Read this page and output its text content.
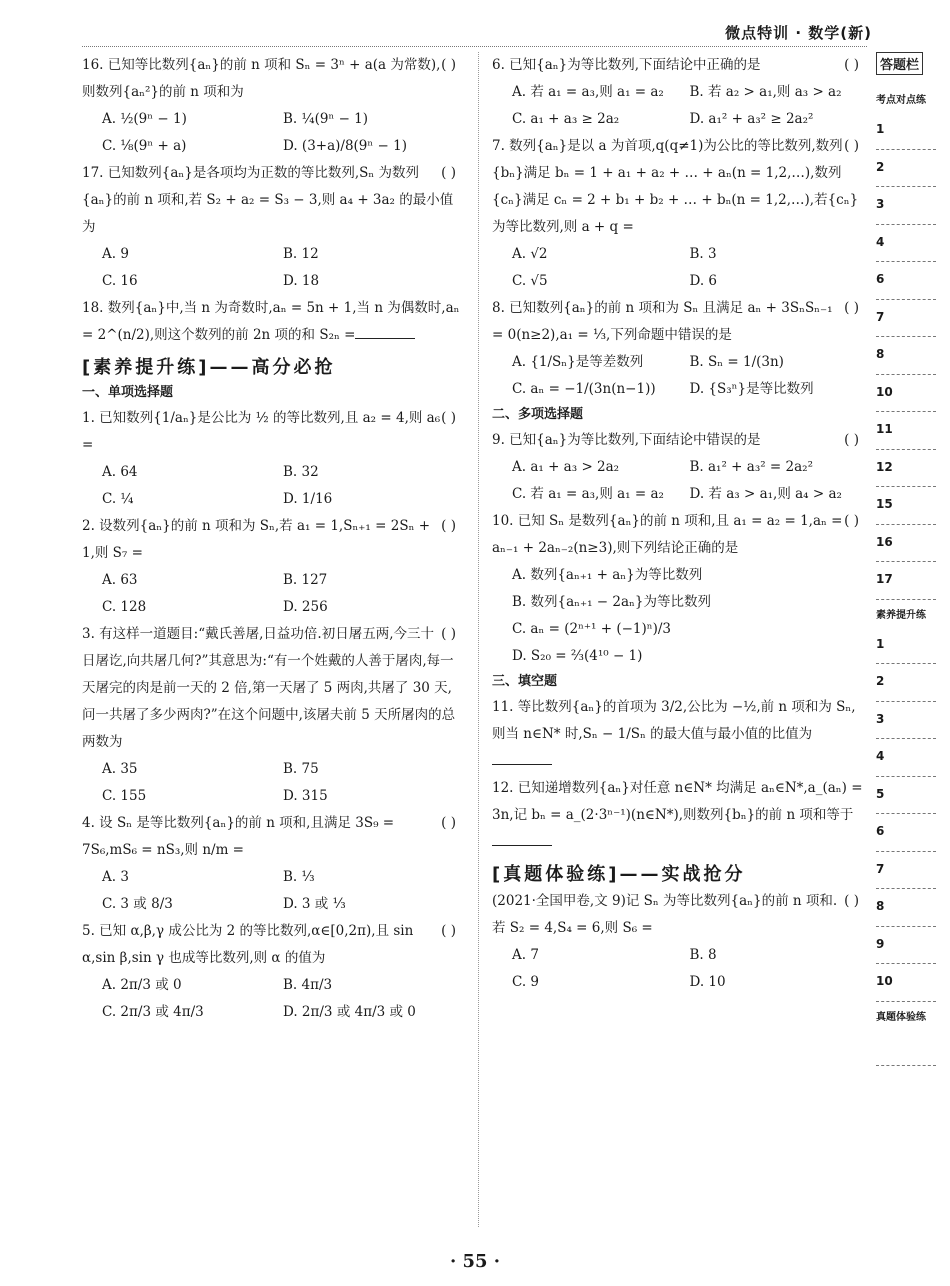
微点特训 · 数学(新)

( )
16. 已知等比数列{aₙ}的前 n 项和 Sₙ = 3ⁿ + a(a 为常数),则数列{aₙ²}的前 n 项和为

A. ½(9ⁿ − 1)	B. ¼(9ⁿ − 1)
C. ⅛(9ⁿ + a)	D. (3+a)/8(9ⁿ − 1)

( )
17. 已知数列{aₙ}是各项均为正数的等比数列,Sₙ 为数列{aₙ}的前 n 项和,若 S₂ + a₂ = S₃ − 3,则 a₄ + 3a₂ 的最小值为

A. 9	B. 12
C. 16	D. 18

18. 数列{aₙ}中,当 n 为奇数时,aₙ = 5n + 1,当 n 为偶数时,aₙ = 2^(n/2),则这个数列的前 2n 项的和 S₂ₙ =

[素养提升练]——高分必抢
一、单项选择题

( )
1. 已知数列{1/aₙ}是公比为 ½ 的等比数列,且 a₂ = 4,则 a₆ =

A. 64	B. 32
C. ¼	D. 1/16

( )
2. 设数列{aₙ}的前 n 项和为 Sₙ,若 a₁ = 1,Sₙ₊₁ = 2Sₙ + 1,则 S₇ =

A. 63	B. 127
C. 128	D. 256

( )
3. 有这样一道题目:“戴氏善屠,日益功倍.初日屠五两,今三十日屠讫,向共屠几何?”其意思为:“有一个姓戴的人善于屠肉,每一天屠完的肉是前一天的 2 倍,第一天屠了 5 两肉,共屠了 30 天,问一共屠了多少两肉?”在这个问题中,该屠夫前 5 天所屠肉的总两数为

A. 35	B. 75
C. 155	D. 315

( )
4. 设 Sₙ 是等比数列{aₙ}的前 n 项和,且满足 3S₉ = 7S₆,mS₆ = nS₃,则 n/m =

A. 3	B. ⅓
C. 3 或 8/3	D. 3 或 ⅓

( )
5. 已知 α,β,γ 成公比为 2 的等比数列,α∈[0,2π),且 sin α,sin β,sin γ 也成等比数列,则 α 的值为

A. 2π/3 或 0	B. 4π/3
C. 2π/3 或 4π/3	D. 2π/3 或 4π/3 或 0

( )
6. 已知{aₙ}为等比数列,下面结论中正确的是

A. 若 a₁ = a₃,则 a₁ = a₂	B. 若 a₂ > a₁,则 a₃ > a₂
C. a₁ + a₃ ≥ 2a₂	D. a₁² + a₃² ≥ 2a₂²

( )
7. 数列{aₙ}是以 a 为首项,q(q≠1)为公比的等比数列,数列{bₙ}满足 bₙ = 1 + a₁ + a₂ + … + aₙ(n = 1,2,…),数列{cₙ}满足 cₙ = 2 + b₁ + b₂ + … + bₙ(n = 1,2,…),若{cₙ}为等比数列,则 a + q =

A. √2	B. 3
C. √5	D. 6

( )
8. 已知数列{aₙ}的前 n 项和为 Sₙ 且满足 aₙ + 3SₙSₙ₋₁ = 0(n≥2),a₁ = ⅓,下列命题中错误的是

A. {1/Sₙ}是等差数列	B. Sₙ = 1/(3n)
C. aₙ = −1/(3n(n−1))	D. {S₃ⁿ}是等比数列
二、多项选择题

( )
9. 已知{aₙ}为等比数列,下面结论中错误的是

A. a₁ + a₃ > 2a₂	B. a₁² + a₃² = 2a₂²
C. 若 a₁ = a₃,则 a₁ = a₂	D. 若 a₃ > a₁,则 a₄ > a₂

( )
10. 已知 Sₙ 是数列{aₙ}的前 n 项和,且 a₁ = a₂ = 1,aₙ = aₙ₋₁ + 2aₙ₋₂(n≥3),则下列结论正确的是

A. 数列{aₙ₊₁ + aₙ}为等比数列
B. 数列{aₙ₊₁ − 2aₙ}为等比数列
C. aₙ = (2ⁿ⁺¹ + (−1)ⁿ)/3
D. S₂₀ = ⅔(4¹⁰ − 1)
三、填空题

11. 等比数列{aₙ}的首项为 3/2,公比为 −½,前 n 项和为 Sₙ,则当 n∈N* 时,Sₙ − 1/Sₙ 的最大值与最小值的比值为

12. 已知递增数列{aₙ}对任意 n∈N* 均满足 aₙ∈N*,a_(aₙ) = 3n,记 bₙ = a_(2·3ⁿ⁻¹)(n∈N*),则数列{bₙ}的前 n 项和等于

[真题体验练]——实战抢分

( )
(2021·全国甲卷,文 9)记 Sₙ 为等比数列{aₙ}的前 n 项和.若 S₂ = 4,S₄ = 6,则 S₆ =

A. 7	B. 8
C. 9	D. 10
答题栏
考点对点练
1
2
3
4
6
7
8
10
11
12
15
16
17
素养提升练
1
2
3
4
5
6
7
8
9
10
真题体验练
· 55 ·
